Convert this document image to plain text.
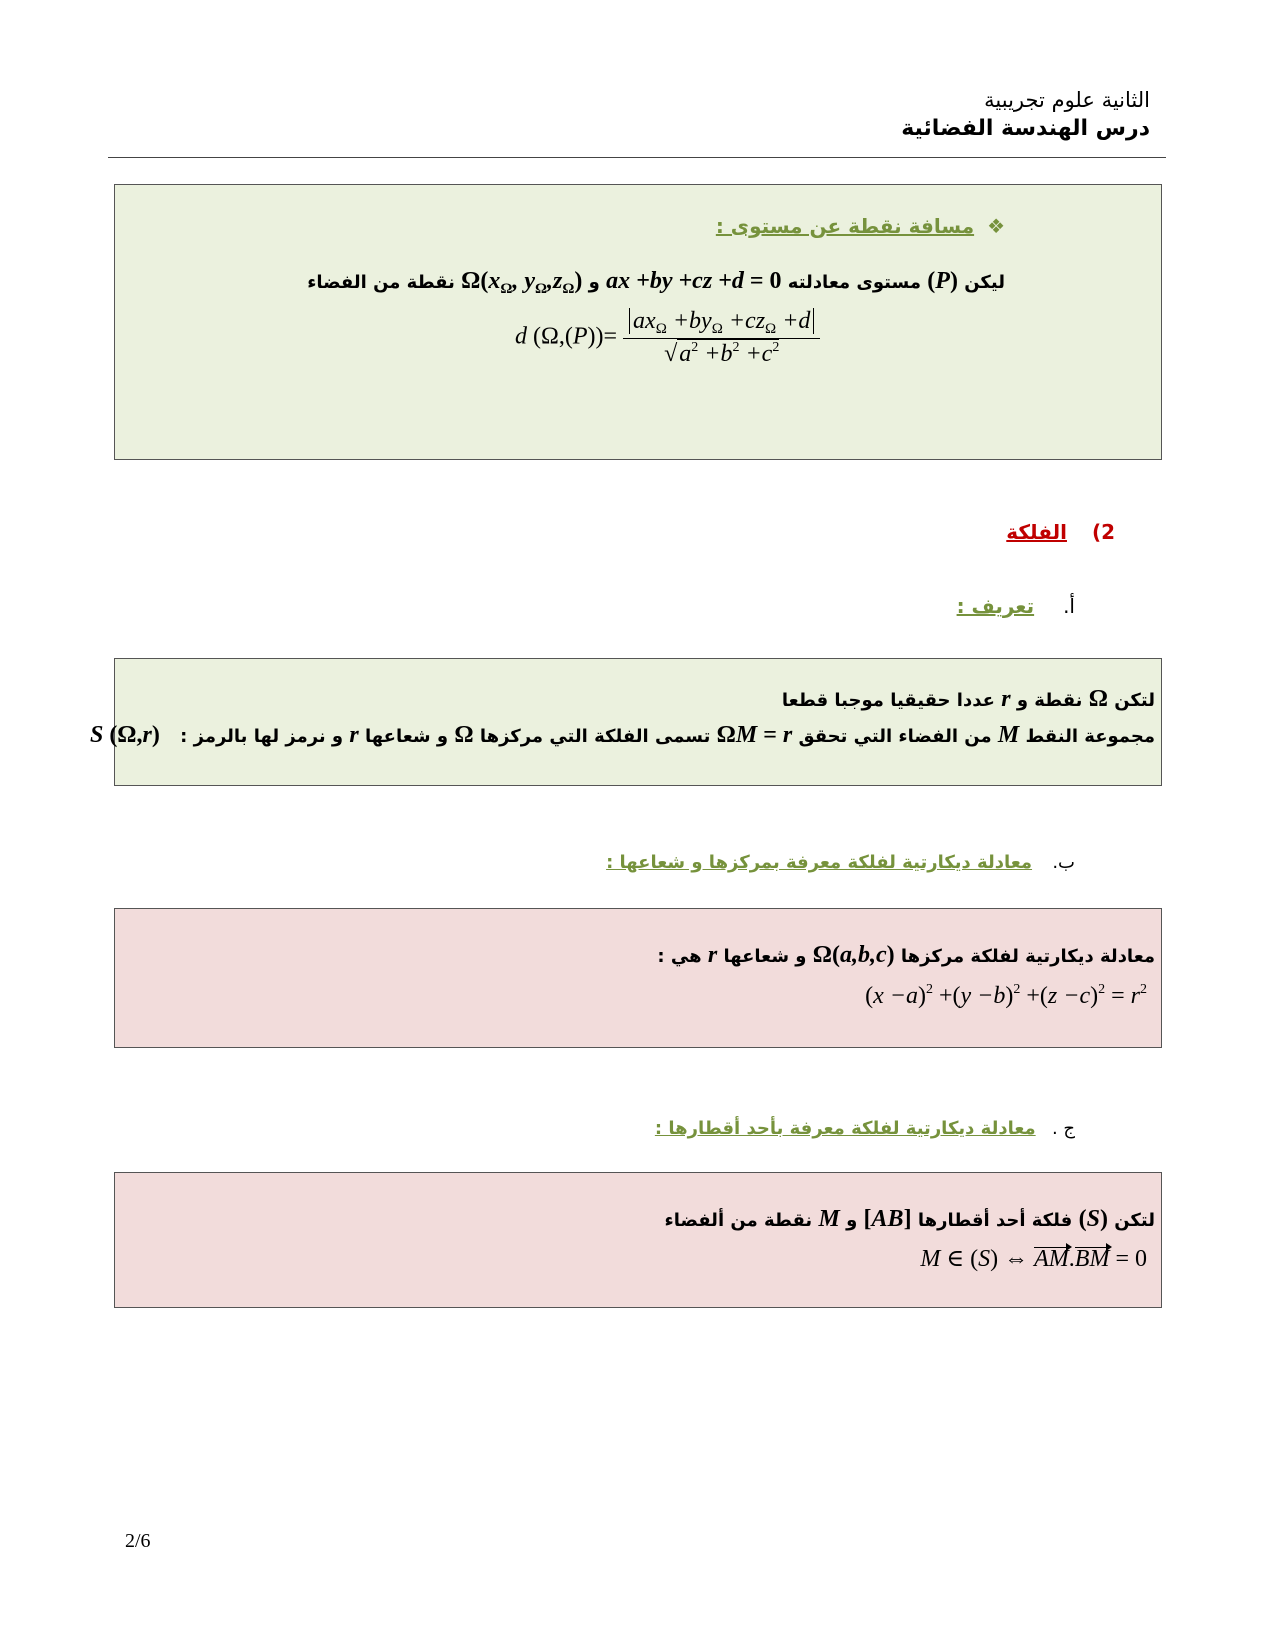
الثانية علوم تجريبية
درس الهندسة الفضائية
❖ مسافة نقطة عن مستوى :
ليكن (P) مستوى معادلته ax +by +cz +d = 0 و $\Omega(x_\Omega$, $y_\Omega,z_\Omega$) نقطة من الفضاء
d $(\Omega,(P))= \frac{ax_\Omega +by_\Omega +cz_\Omega +d}{√a^2 +b^2 +c^2}$
2) الفلكة
أ. تعريف :
لتكن Ω نقطة و r عددا حقيقيا موجبا قطعا
مجموعة النقط M من الفضاء التي تحقق ΩM = r تسمى الفلكة التي مركزها Ω و شعاعها r و نرمز لها بالرمز : S (Ω,r)
ب. معادلة ديكارتية لفلكة معرفة بمركزها و شعاعها :
معادلة ديكارتية لفلكة مركزها Ω(a,b,c) و شعاعها r هي :
$(x -a)^2 +(y -b)^2 +(z -c)^2 = r^2$
ج . معادلة ديكارتية لفلكة معرفة بأحد أقطارها :
لتكن (S) فلكة أحد أقطارها [AB] و M نقطة من ألفضاء
M ∈ (S) ⇔ AM.BM = 0
2/6
